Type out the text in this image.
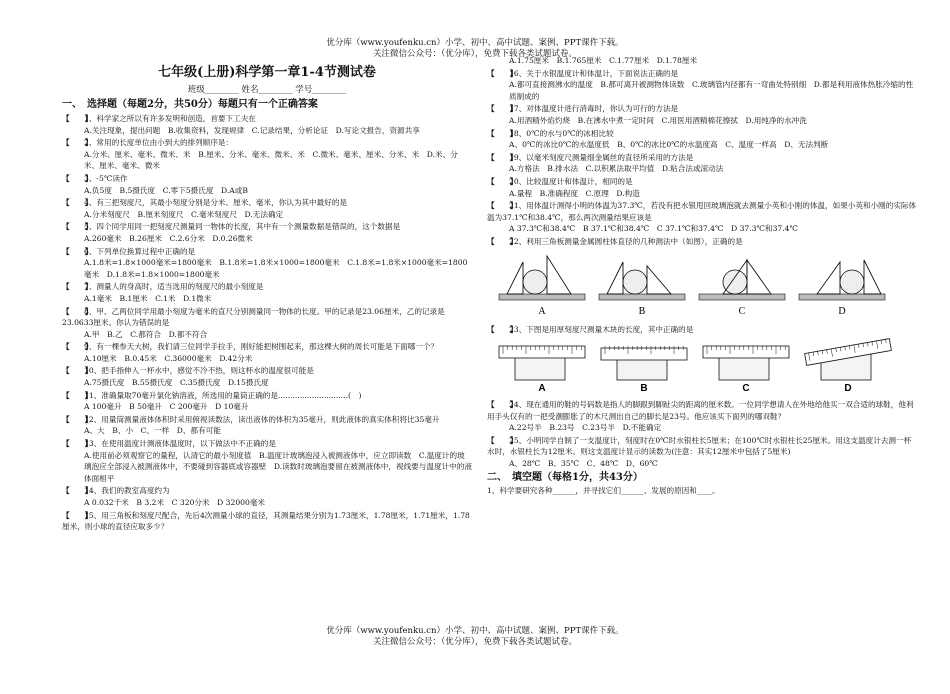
优分库（www.youfenku.cn）小学、初中、高中试题、案例、PPT课件下载。
关注微信公众号：（优分库），免费下载各类试题试卷。
七年级(上册)科学第一章1-4节测试卷
班级________ 姓名________ 学号________
一、　选择题（每题2分，共50分）每题只有一个正确答案
【　　】1、科学家之所以有许多发明和创造，首要下工夫在
A.关注现象，提出问题　B.收集资料，发现规律　C.记录结果，分析论证　D.写论文报告，资源共享
【　　】2、常用的长度单位由小到大的排列顺序是：
A.分米、厘米、毫米、微米、米　B.厘米、分米、毫米、微米、米　C.微米、毫米、厘米、分米、米　D.米、分米、厘米、毫米、微米
【　　】3、-5℃读作
A.负5度　B.5摄氏度　C.零下5摄氏度　D.A或B
【　　】4、有三把刻度尺，其最小刻度分别是分米、厘米、毫米，你认为其中最好的是
A.分米刻度尺　B.厘米刻度尺　C.毫米刻度尺　D.无法确定
【　　】5、四个同学用同一把刻度尺测量同一物体的长度，其中有一个测量数据是错误的，这个数据是
A.260毫米　B.26厘米　C.2.6分米　D.0.26微米
【　　】6、下列单位换算过程中正确的是
A.1.8米=1.8×1000毫米=1800毫米　B.1.8米=1.8米×1000=1800毫米　C.1.8米=1.8米×1000毫米=1800毫米　D.1.8米=1.8×1000=1800毫米
【　　】7、测量人的身高时，适当选用的刻度尺的最小刻度是
A.1毫米　B.1厘米　C.1米　D.1微米
【　　】8、甲、乙两位同学用最小刻度为毫米的直尺分别测量同一物体的长度。甲的记录是23.06厘米，乙的记录是23.0633厘米。你认为错误的是
A.甲　B.乙　C.都符合　D.都不符合
【　　】9、有一棵参天大树，我们请三位同学手拉手，刚好能把树围起来，那这棵大树的周长可能是下面哪一个？
A.10厘米　B.0.45米　C.36000毫米　D.42分米
【　　】10、把手指伸入一杯水中，感觉不冷不热，则这杯水的温度很可能是
A.75摄氏度　B.55摄氏度　C.35摄氏度　D.15摄氏度
【　　】11、准确量取70毫升氯化钠溶液，所选用的量筒正确的是.............................(　)
A 100毫升　B 50毫升　C 200毫升　D 10毫升
【　　】12、用量筒测量液体体积时采用俯视读数法，读出液体的体积为35毫升，则此液体的真实体积将比35毫升
A、大　B、小　C、一样　D、都有可能
【　　】13、在使用温度计测液体温度时，以下做法中不正确的是
A.使用前必须观察它的量程，认清它的最小刻度值　B.温度计玻璃泡浸入被测液体中，应立即读数　C.温度计的玻璃泡应全部浸入被测液体中，不要碰到容器底或容器壁　D.读数时玻璃泡要留在被测液体中，视线要与温度计中的液体面相平
【　　】14、我们的教室高度约为
A 0.032千米　B 3.2米　C 320分米　D 32000毫米
【　　】15、用三角板和刻度尺配合，先后4次测量小球的直径，其测量结果分别为1.73厘米，1.78厘米，1.71厘米，1.78厘米，则小球的直径应取多少？
A.1.75厘米　B.1.765厘米　C.1.77厘米　D.1.78厘米
【　　】16、关于水银温度计和体温计，下面说法正确的是
A.都可直接测沸水的温度　B.都可离开被测物体读数　C.玻璃管内径都有一弯曲处特别细　D.都是利用液体热胀冷缩的性质制成的
【　　】17、对体温度计进行消毒时，你认为可行的方法是
A.用酒精外焰灼烧　B.在沸水中煮一定时间　C.用医用酒精棉花擦拭　D.用纯净的水冲洗
【　　】18、0℃的水与0℃的冰相比较
A、0℃的冰比0℃的水温度低　B、0℃的冰比0℃的水温度高　C、温度一样高　D、无法判断
【　　】19、以毫米刻度尺测量细金属丝的直径所采用的方法是
A.方格法　B.排水法　C.以积累法取平均值　D.粘合法或滚动法
【　　】20、比较温度计和体温计，相同的是
A.量程　B.准确程度　C.原理　D.构造
【　　】21、用体温计测得小明的体温为37.3℃，若没有把水银甩回玻璃泡就去测量小英和小刚的体温，如果小英和小刚的实际体温为37.1℃和38.4℃，那么两次测量结果应该是
A 37.3℃和38.4℃　B 37.1℃和38.4℃　C 37.1℃和37.4℃　D 37.3℃和37.4℃
【　　】22、利用三角板测量金属圆柱体直径的几种测法中（如图），正确的是
A	B	C	D
【　　】23、下图是用厚刻度尺测量木块的长度，其中正确的是
A	B	C	D
【　　】24、现在通用的鞋的号码数是指人的脚跟到脚趾尖的距离的厘米数。一位同学想请人在外地给他买一双合适的球鞋，他利用手头仅有的一把受潮膨胀了的木尺测出自己的脚长是23号。他应该买下面列的哪双鞋？
A.22号半　B.23号　C.23号半　D.不能确定
【　　】25、小明同学自制了一支温度计，刻度时在0℃时水银柱长5厘米；在100℃时水银柱长25厘米。用这支温度计去测一杯水时，水银柱长为12厘米。则这支温度计显示的读数为(注意：其实12厘米中包括了5厘米)
A、28℃　B、35℃　C、48℃　D、60℃
二、　填空题（每格1分，共43分）
1、科学要研究各种______，并寻找它们______、发展的原因和____。
优分库（www.youfenku.cn）小学、初中、高中试题、案例、PPT课件下载。
关注微信公众号：（优分库），免费下载各类试题试卷。
